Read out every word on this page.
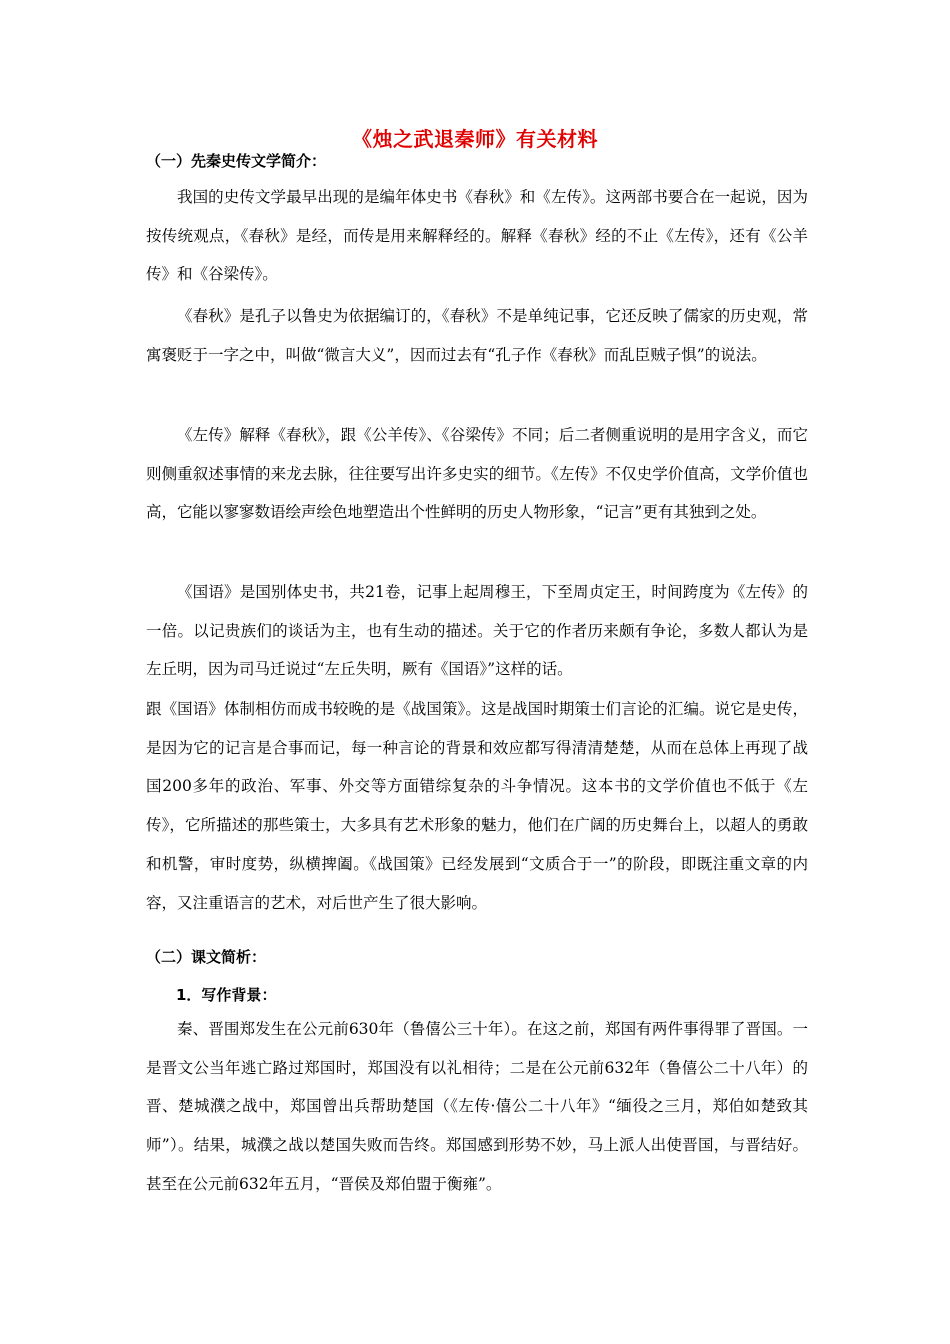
《烛之武退秦师》有关材料
（一）先秦史传文学简介：

我国的史传文学最早出现的是编年体史书《春秋》和《左传》。这两部书要合在一起说，因为按传统观点，《春秋》是经，而传是用来解释经的。解释《春秋》经的不止《左传》，还有《公羊传》和《谷梁传》。

《春秋》是孔子以鲁史为依据编订的，《春秋》不是单纯记事，它还反映了儒家的历史观，常寓褒贬于一字之中，叫做“微言大义”，因而过去有“孔子作《春秋》而乱臣贼子惧”的说法。

《左传》解释《春秋》，跟《公羊传》、《谷梁传》不同；后二者侧重说明的是用字含义，而它则侧重叙述事情的来龙去脉，往往要写出许多史实的细节。《左传》不仅史学价值高，文学价值也高，它能以寥寥数语绘声绘色地塑造出个性鲜明的历史人物形象，“记言”更有其独到之处。

《国语》是国别体史书，共21卷，记事上起周穆王，下至周贞定王，时间跨度为《左传》的一倍。以记贵族们的谈话为主，也有生动的描述。关于它的作者历来颇有争论，多数人都认为是左丘明，因为司马迁说过“左丘失明，厥有《国语》”这样的话。

跟《国语》体制相仿而成书较晚的是《战国策》。这是战国时期策士们言论的汇编。说它是史传，是因为它的记言是合事而记，每一种言论的背景和效应都写得清清楚楚，从而在总体上再现了战国200多年的政治、军事、外交等方面错综复杂的斗争情况。这本书的文学价值也不低于《左传》，它所描述的那些策士，大多具有艺术形象的魅力，他们在广阔的历史舞台上，以超人的勇敢和机警，审时度势，纵横捭阖。《战国策》已经发展到“文质合于一”的阶段，即既注重文章的内容，又注重语言的艺术，对后世产生了很大影响。

（二）课文简析：
1．写作背景：

秦、晋围郑发生在公元前630年（鲁僖公三十年）。在这之前，郑国有两件事得罪了晋国。一是晋文公当年逃亡路过郑国时，郑国没有以礼相待；二是在公元前632年（鲁僖公二十八年）的晋、楚城濮之战中，郑国曾出兵帮助楚国（《左传·僖公二十八年》“缅役之三月，郑伯如楚致其师”）。结果，城濮之战以楚国失败而告终。郑国感到形势不妙，马上派人出使晋国，与晋结好。甚至在公元前632年五月，“晋侯及郑伯盟于衡雍”。
